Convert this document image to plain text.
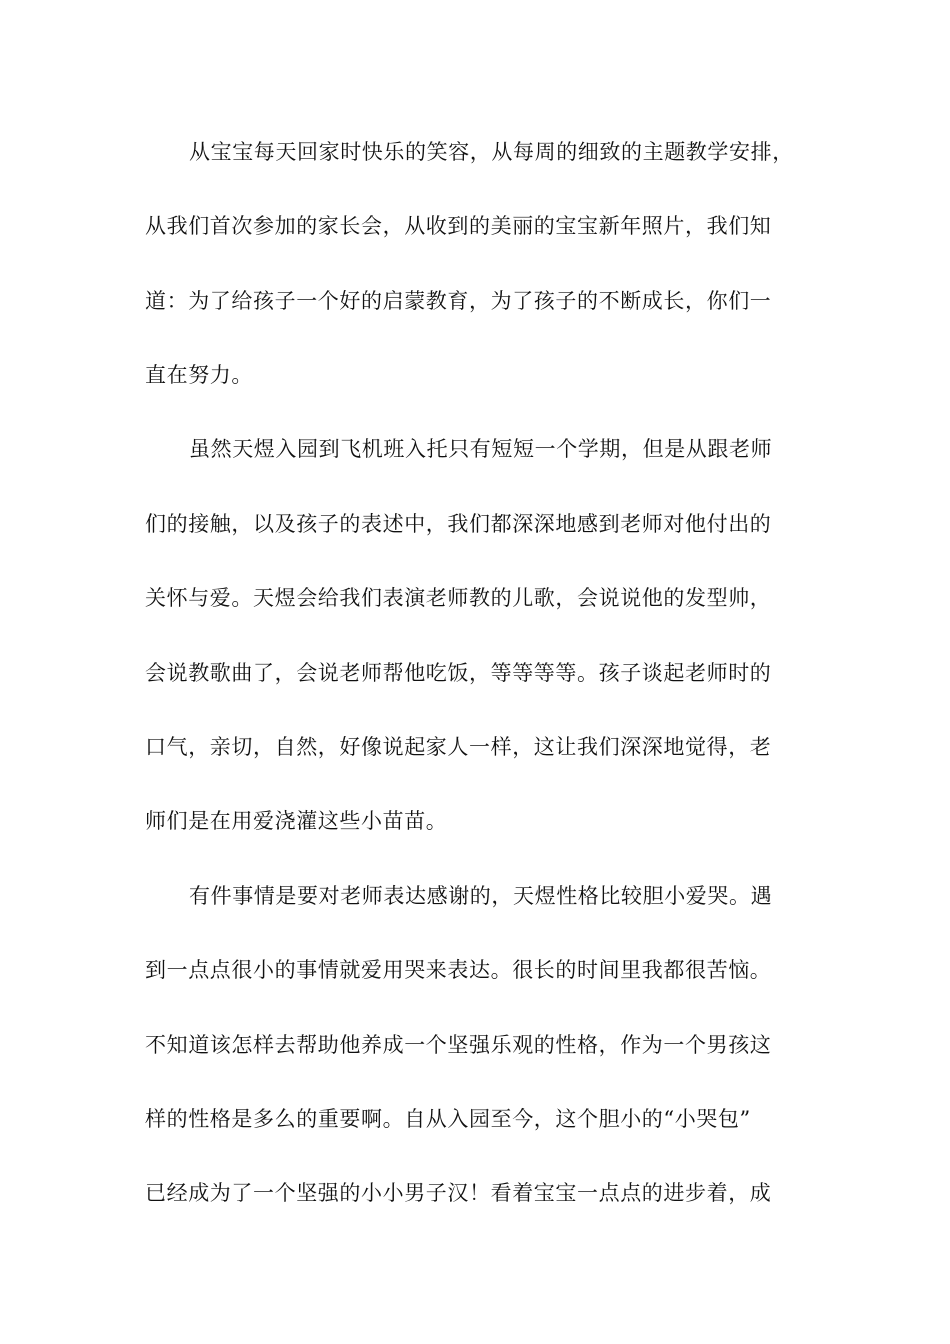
从宝宝每天回家时快乐的笑容，从每周的细致的主题教学安排，
从我们首次参加的家长会，从收到的美丽的宝宝新年照片，我们知
道：为了给孩子一个好的启蒙教育，为了孩子的不断成长，你们一
直在努力。
虽然天煜入园到飞机班入托只有短短一个学期，但是从跟老师
们的接触，以及孩子的表述中，我们都深深地感到老师对他付出的
关怀与爱。天煜会给我们表演老师教的儿歌，会说说他的发型帅，
会说教歌曲了，会说老师帮他吃饭，等等等等。孩子谈起老师时的
口气，亲切，自然，好像说起家人一样，这让我们深深地觉得，老
师们是在用爱浇灌这些小苗苗。
有件事情是要对老师表达感谢的，天煜性格比较胆小爱哭。遇
到一点点很小的事情就爱用哭来表达。很长的时间里我都很苦恼。
不知道该怎样去帮助他养成一个坚强乐观的性格，作为一个男孩这
样的性格是多么的重要啊。自从入园至今，这个胆小的“小哭包”
已经成为了一个坚强的小小男子汉！看着宝宝一点点的进步着，成
